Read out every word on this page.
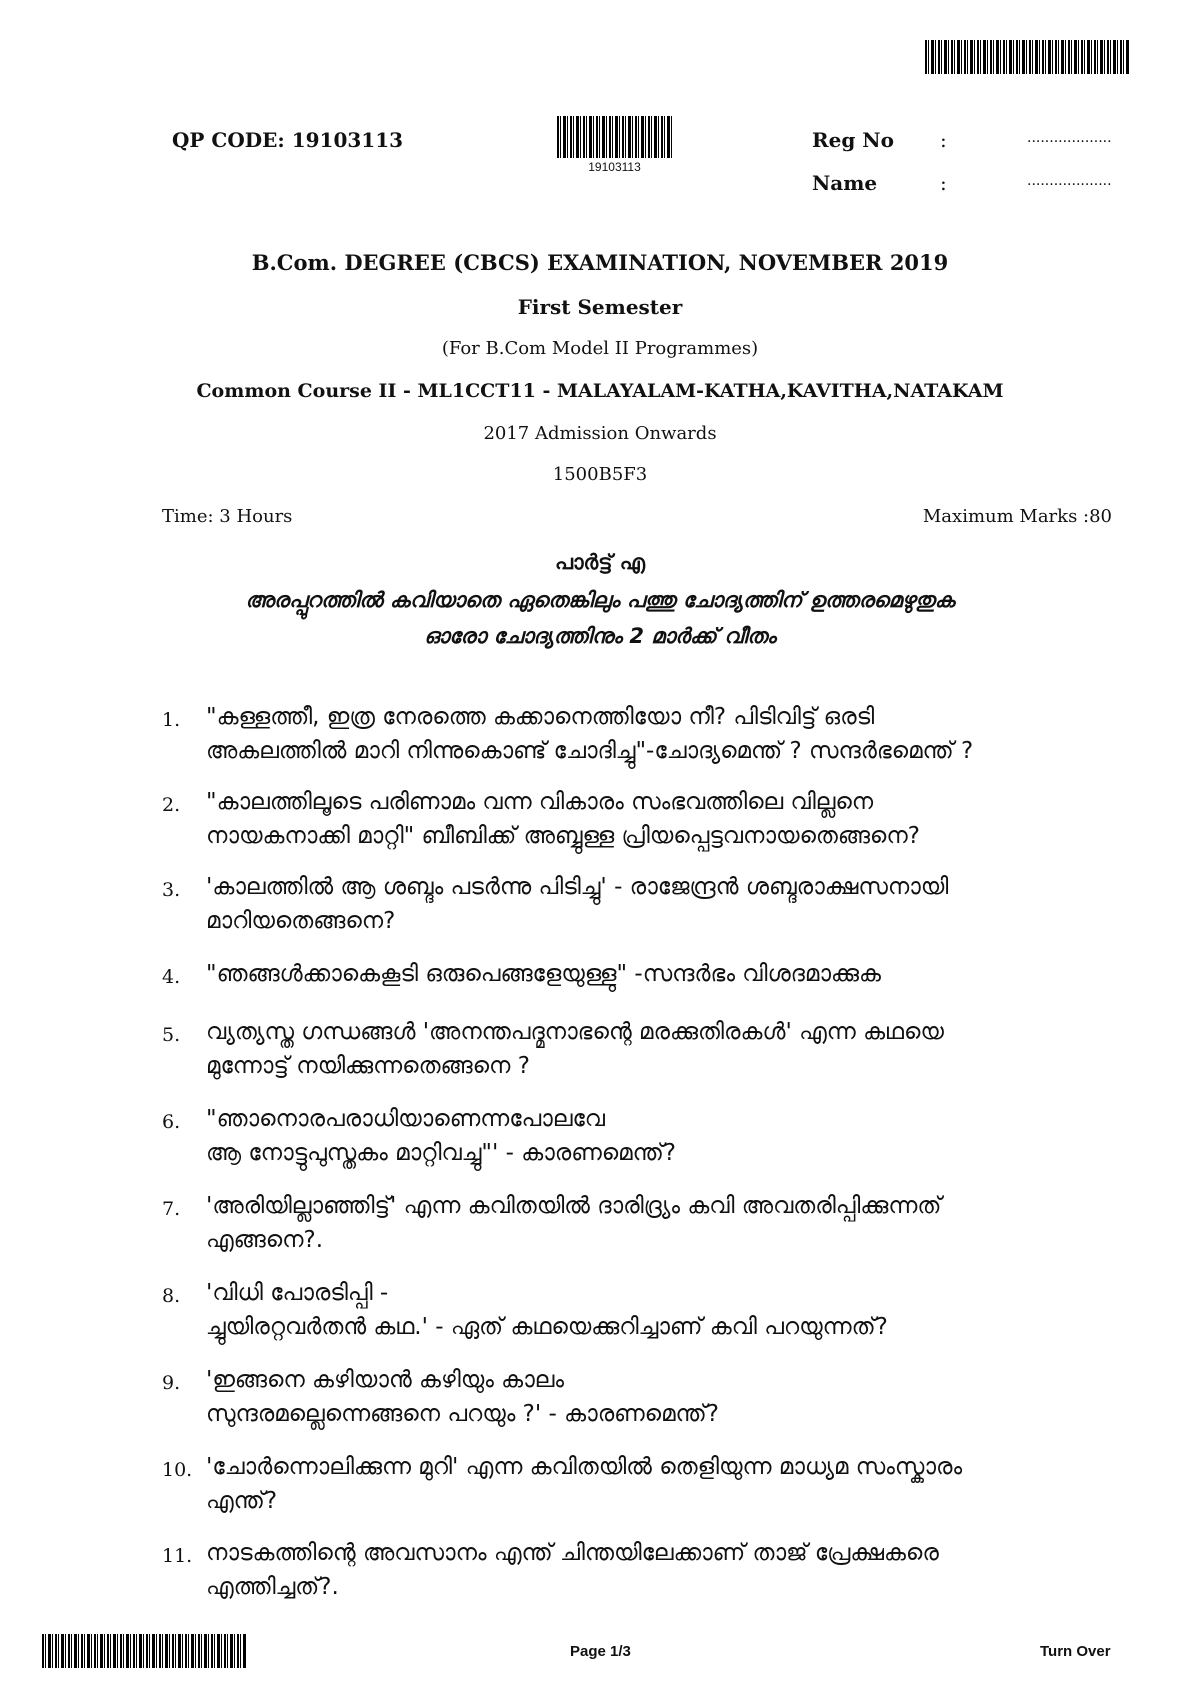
QP CODE: 19103113
19103113
Reg No :	...................
Name	:	...................
B.Com. DEGREE (CBCS) EXAMINATION, NOVEMBER 2019
First Semester
(For B.Com Model II Programmes)
Common Course II - ML1CCT11 - MALAYALAM-KATHA,KAVITHA,NATAKAM
2017 Admission Onwards
1500B5F3
Time: 3 Hours	Maximum Marks :80
പാർട്ട് എ
അരപ്പുറത്തിൽ കവിയാതെ ഏതെങ്കിലും പത്തു ചോദ്യത്തിന് ഉത്തരമെഴുതുക
ഓരോ ചോദ്യത്തിനും 2 മാർക്ക് വീതം
1.	"കള്ളത്തീ, ഇത്ര നേരത്തെ കക്കാനെത്തിയോ നീ? പിടിവിട്ട് ഒരടി
അകലത്തിൽ മാറി നിന്നുകൊണ്ട് ചോദിച്ചു"-ചോദ്യമെന്ത് ? സന്ദർഭമെന്ത് ?
2.	"കാലത്തിലൂടെ പരിണാമം വന്ന വികാരം സംഭവത്തിലെ വില്ലനെ
നായകനാക്കി മാറ്റി" ബീബിക്ക് അബ്ബുള്ള പ്രിയപ്പെട്ടവനായതെങ്ങനെ?
3.	'കാലത്തിൽ ആ ശബ്ദം പടർന്നു പിടിച്ചു' - രാജേന്ദ്രൻ ശബ്ദരാക്ഷസനായി
മാറിയതെങ്ങനെ?
4.	"ഞങ്ങൾക്കാകെകൂടി ഒരുപെങ്ങളേയുള്ളു" -സന്ദർഭം വിശദമാക്കുക
5.	വ്യത്യസ്ത ഗന്ധങ്ങൾ 'അനന്തപദ്മനാഭന്റെ മരക്കുതിരകൾ' എന്ന കഥയെ
മുന്നോട്ട് നയിക്കുന്നതെങ്ങനെ ?
6.	"ഞാനൊരപരാധിയാണെന്നപോലവേ
ആ നോട്ടുപുസ്തകം മാറ്റിവച്ചു"' - കാരണമെന്ത്?
7.	'അരിയില്ലാഞ്ഞിട്ട്' എന്ന കവിതയിൽ ദാരിദ്ര്യം കവി അവതരിപ്പിക്കുന്നത്
എങ്ങനെ?.
8.	'വിധി പോരടിപ്പി -
ച്ചുയിരറ്റവർതൻ കഥ.' - ഏത് കഥയെക്കുറിച്ചാണ് കവി പറയുന്നത്?
9.	'ഇങ്ങനെ കഴിയാൻ കഴിയും കാലം
സുന്ദരമല്ലെന്നെങ്ങനെ പറയും ?' - കാരണമെന്ത്?
10. 'ചോർന്നൊലിക്കുന്ന മുറി' എന്ന കവിതയിൽ തെളിയുന്ന മാധ്യമ സംസ്കാരം
എന്ത്?
11. നാടകത്തിന്റെ അവസാനം എന്ത് ചിന്തയിലേക്കാണ് താജ് പ്രേക്ഷകരെ
എത്തിച്ചത്?.
Page 1/3	Turn Over
